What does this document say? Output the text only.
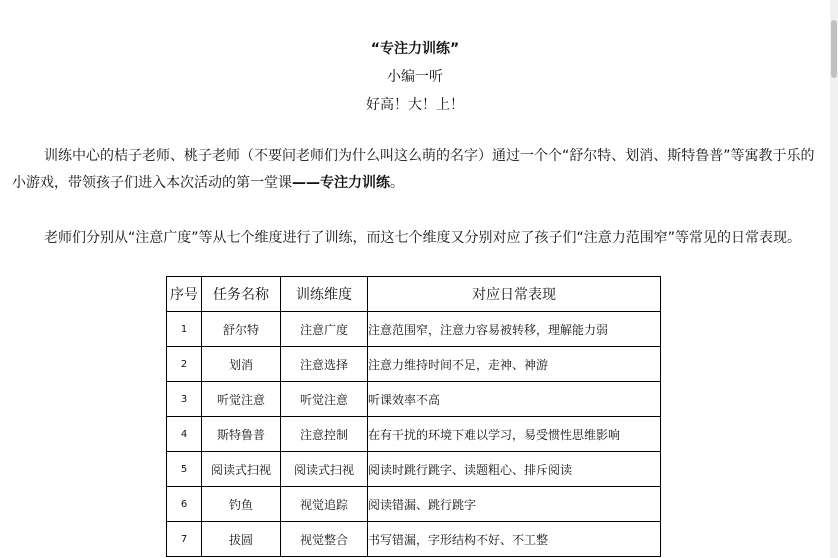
“专注力训练”
小编一听
好高！大！上！
训练中心的桔子老师、桃子老师（不要问老师们为什么叫这么萌的名字）通过一个个“舒尔特、划消、斯特鲁普”等寓教于乐的小游戏，带领孩子们进入本次活动的第一堂课——专注力训练。
老师们分别从“注意广度”等从七个维度进行了训练，而这七个维度又分别对应了孩子们“注意力范围窄”等常见的日常表现。
序号	任务名称	训练维度	对应日常表现
1	舒尔特	注意广度	注意范围窄，注意力容易被转移，理解能力弱
2	划消	注意选择	注意力维持时间不足，走神、神游
3	听觉注意	听觉注意	听课效率不高
4	斯特鲁普	注意控制	在有干扰的环境下难以学习，易受惯性思维影响
5	阅读式扫视	阅读式扫视	阅读时跳行跳字、读题粗心、排斥阅读
6	钓鱼	视觉追踪	阅读错漏、跳行跳字
7	拔圆	视觉整合	书写错漏，字形结构不好、不工整
